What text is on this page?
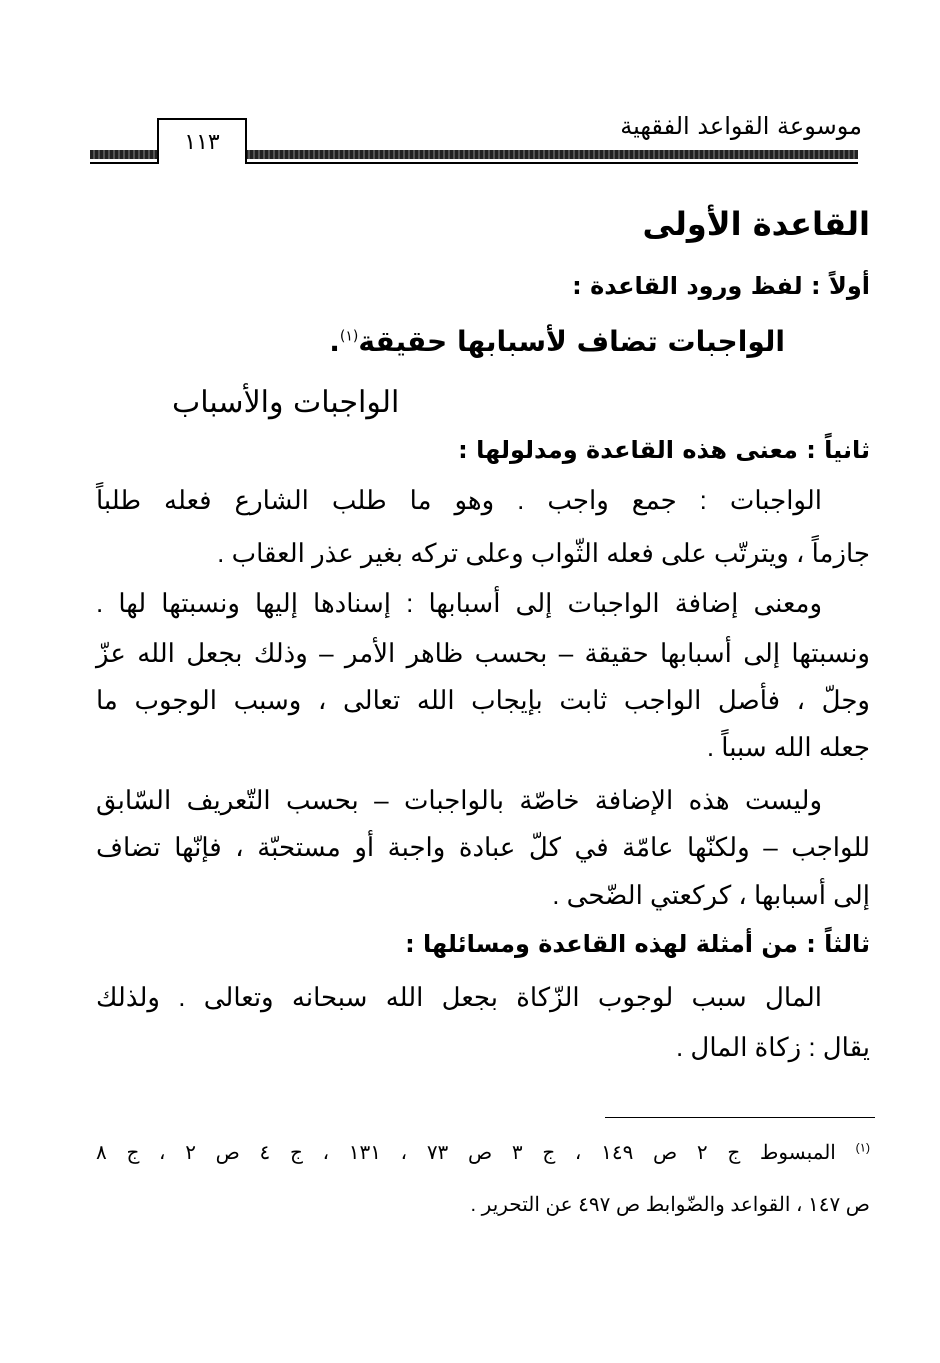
موسوعة القواعد الفقهية
١١٣
القاعدة الأولى
أولاً : لفظ ورود القاعدة :
الواجبات تضاف لأسبابها حقيقة$^{(١)}$.
الواجبات والأسباب
ثانياً : معنى هذه القاعدة ومدلولها :
الواجبات : جمع واجب . وهو ما طلب الشارع فعله طلباً
جازماً ، ويترتّب على فعله الثّواب وعلى تركه بغير عذر العقاب .
ومعنى إضافة الواجبات إلى أسبابها : إسنادها إليها ونسبتها لها .
ونسبتها إلى أسبابها حقيقة – بحسب ظاهر الأمر – وذلك بجعل الله عزّ
وجلّ ، فأصل الواجب ثابت بإيجاب الله تعالى ، وسبب الوجوب ما
جعله الله سبباً .
وليست هذه الإضافة خاصّة بالواجبات – بحسب التّعريف السّابق
للواجب – ولكنّها عامّة في كلّ عبادة واجبة أو مستحبّة ، فإنّها تضاف
إلى أسبابها ، كركعتي الضّحى .
ثالثاً : من أمثلة لهذه القاعدة ومسائلها :
المال سبب لوجوب الزّكاة بجعل الله سبحانه وتعالى . ولذلك
يقال : زكاة المال .
$^{(١)}$ المبسوط ج ٢ ص ١٤٩ ، ج ٣ ص ٧٣ ، ١٣١ ، ج ٤ ص ٢ ، ج ٨
ص ١٤٧ ، القواعد والضّوابط ص ٤٩٧ عن التحرير .
